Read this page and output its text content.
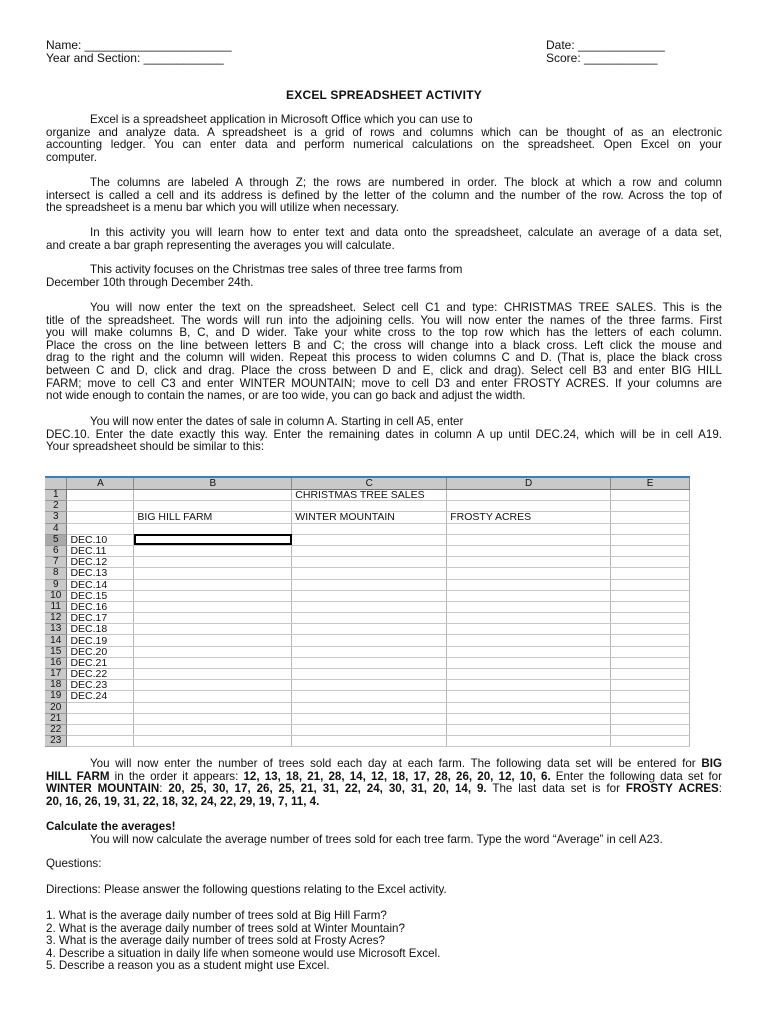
Name: ______________________
Year and Section: ____________
Date: _____________
Score: ___________
EXCEL SPREADSHEET ACTIVITY
Excel is a spreadsheet application in Microsoft Office which you can use to
organize and analyze data. A spreadsheet is a grid of rows and columns which can be thought of as an electronic
accounting ledger. You can enter data and perform numerical calculations on the spreadsheet. Open Excel on your
computer.
The columns are labeled A through Z; the rows are numbered in order. The block at which a row and column
intersect is called a cell and its address is defined by the letter of the column and the number of the row. Across the top of
the spreadsheet is a menu bar which you will utilize when necessary.
In this activity you will learn how to enter text and data onto the spreadsheet, calculate an average of a data set,
and create a bar graph representing the averages you will calculate.
This activity focuses on the Christmas tree sales of three tree farms from
December 10th through December 24th.
You will now enter the text on the spreadsheet. Select cell C1 and type: CHRISTMAS TREE SALES. This is the
title of the spreadsheet. The words will run into the adjoining cells. You will now enter the names of the three farms. First
you will make columns B, C, and D wider. Take your white cross to the top row which has the letters of each column.
Place the cross on the line between letters B and C; the cross will change into a black cross. Left click the mouse and
drag to the right and the column will widen. Repeat this process to widen columns C and D. (That is, place the black cross
between C and D, click and drag. Place the cross between D and E, click and drag). Select cell B3 and enter BIG HILL
FARM; move to cell C3 and enter WINTER MOUNTAIN; move to cell D3 and enter FROSTY ACRES. If your columns are
not wide enough to contain the names, or are too wide, you can go back and adjust the width.
You will now enter the dates of sale in column A. Starting in cell A5, enter
DEC.10. Enter the date exactly this way. Enter the remaining dates in column A up until DEC.24, which will be in cell A19.
Your spreadsheet should be similar to this:
	A	B	C	D	E
1			CHRISTMAS TREE SALES		
2					
3		BIG HILL FARM	WINTER MOUNTAIN	FROSTY ACRES	
4					
5	DEC.10				
6	DEC.11				
7	DEC.12				
8	DEC.13				
9	DEC.14				
10	DEC.15				
11	DEC.16				
12	DEC.17				
13	DEC.18				
14	DEC.19				
15	DEC.20				
16	DEC.21				
17	DEC.22				
18	DEC.23				
19	DEC.24				
20					
21					
22					
23					
You will now enter the number of trees sold each day at each farm. The following data set will be entered for BIG
HILL FARM in the order it appears: 12, 13, 18, 21, 28, 14, 12, 18, 17, 28, 26, 20, 12, 10, 6. Enter the following data set for
WINTER MOUNTAIN: 20, 25, 30, 17, 26, 25, 21, 31, 22, 24, 30, 31, 20, 14, 9. The last data set is for FROSTY ACRES:
20, 16, 26, 19, 31, 22, 18, 32, 24, 22, 29, 19, 7, 11, 4.
Calculate the averages!
You will now calculate the average number of trees sold for each tree farm. Type the word “Average” in cell A23.
Questions:
Directions: Please answer the following questions relating to the Excel activity.
1. What is the average daily number of trees sold at Big Hill Farm?
2. What is the average daily number of trees sold at Winter Mountain?
3. What is the average daily number of trees sold at Frosty Acres?
4. Describe a situation in daily life when someone would use Microsoft Excel.
5. Describe a reason you as a student might use Excel.
